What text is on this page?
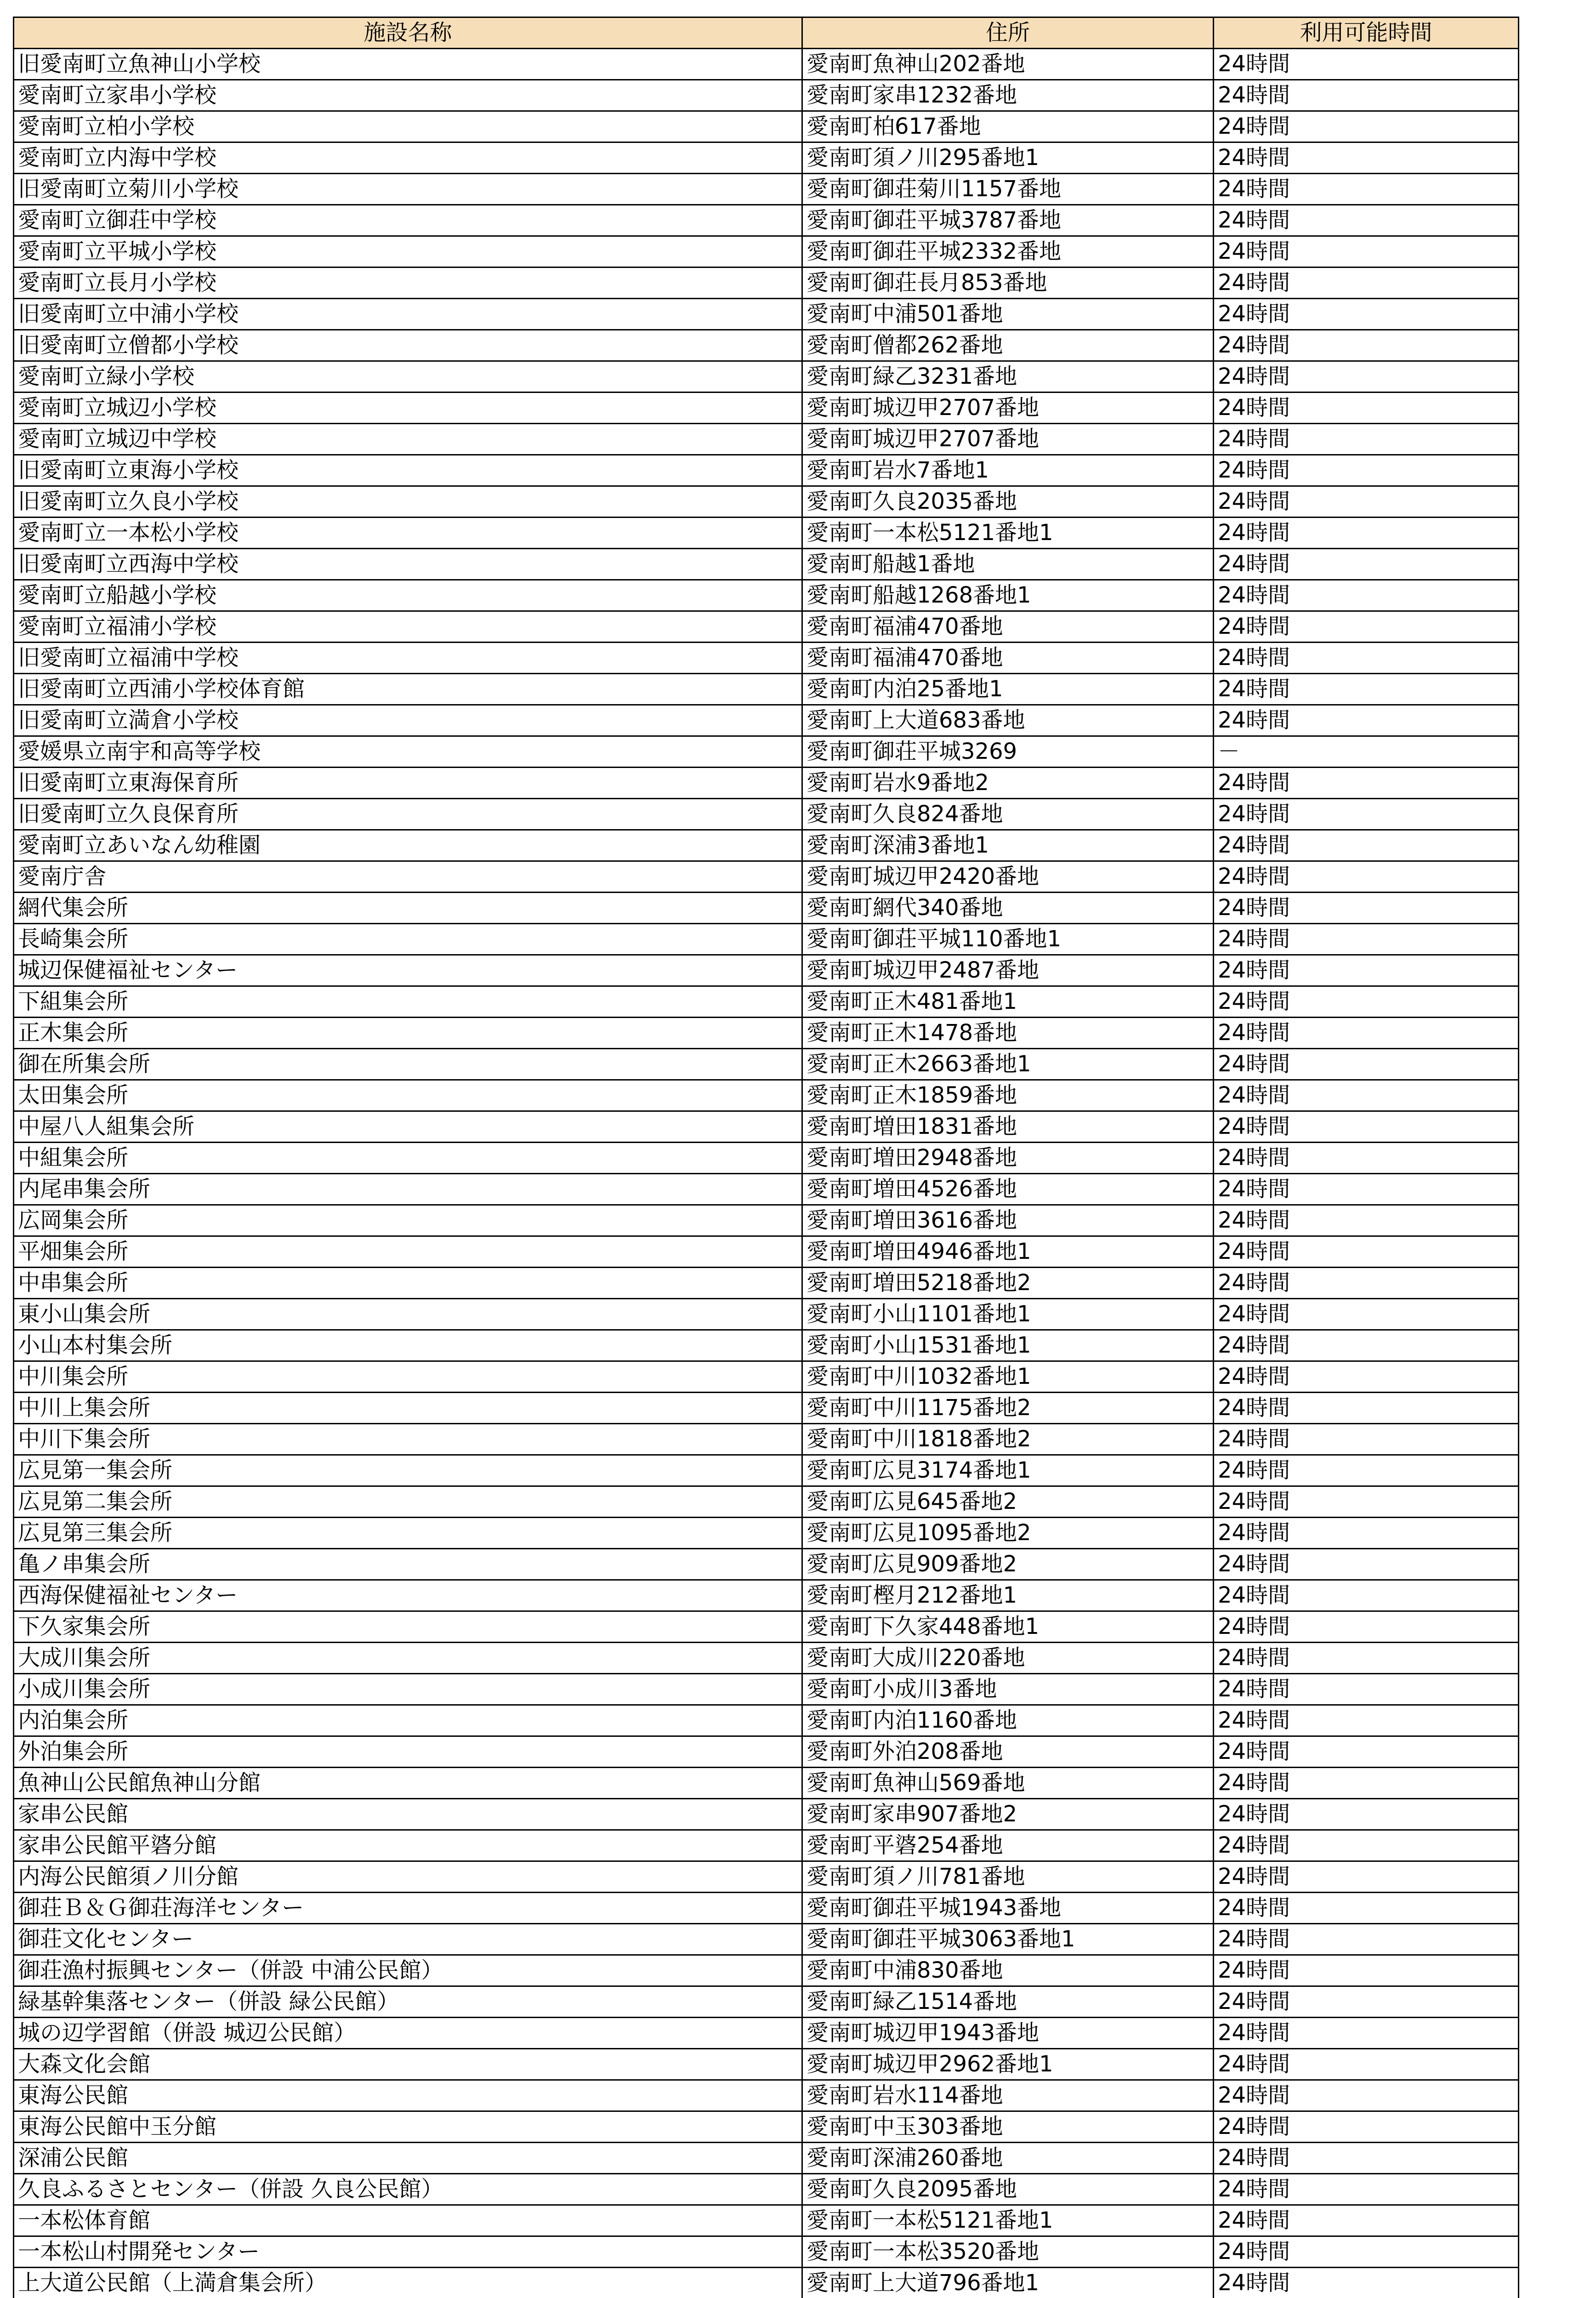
施設名称	住所	利用可能時間
旧愛南町立魚神山小学校	愛南町魚神山202番地	24時間
愛南町立家串小学校	愛南町家串1232番地	24時間
愛南町立柏小学校	愛南町柏617番地	24時間
愛南町立内海中学校	愛南町須ノ川295番地1	24時間
旧愛南町立菊川小学校	愛南町御荘菊川1157番地	24時間
愛南町立御荘中学校	愛南町御荘平城3787番地	24時間
愛南町立平城小学校	愛南町御荘平城2332番地	24時間
愛南町立長月小学校	愛南町御荘長月853番地	24時間
旧愛南町立中浦小学校	愛南町中浦501番地	24時間
旧愛南町立僧都小学校	愛南町僧都262番地	24時間
愛南町立緑小学校	愛南町緑乙3231番地	24時間
愛南町立城辺小学校	愛南町城辺甲2707番地	24時間
愛南町立城辺中学校	愛南町城辺甲2707番地	24時間
旧愛南町立東海小学校	愛南町岩水7番地1	24時間
旧愛南町立久良小学校	愛南町久良2035番地	24時間
愛南町立一本松小学校	愛南町一本松5121番地1	24時間
旧愛南町立西海中学校	愛南町船越1番地	24時間
愛南町立船越小学校	愛南町船越1268番地1	24時間
愛南町立福浦小学校	愛南町福浦470番地	24時間
旧愛南町立福浦中学校	愛南町福浦470番地	24時間
旧愛南町立西浦小学校体育館	愛南町内泊25番地1	24時間
旧愛南町立満倉小学校	愛南町上大道683番地	24時間
愛媛県立南宇和高等学校	愛南町御荘平城3269	－
旧愛南町立東海保育所	愛南町岩水9番地2	24時間
旧愛南町立久良保育所	愛南町久良824番地	24時間
愛南町立あいなん幼稚園	愛南町深浦3番地1	24時間
愛南庁舎	愛南町城辺甲2420番地	24時間
網代集会所	愛南町網代340番地	24時間
長崎集会所	愛南町御荘平城110番地1	24時間
城辺保健福祉センター	愛南町城辺甲2487番地	24時間
下組集会所	愛南町正木481番地1	24時間
正木集会所	愛南町正木1478番地	24時間
御在所集会所	愛南町正木2663番地1	24時間
太田集会所	愛南町正木1859番地	24時間
中屋八人組集会所	愛南町増田1831番地	24時間
中組集会所	愛南町増田2948番地	24時間
内尾串集会所	愛南町増田4526番地	24時間
広岡集会所	愛南町増田3616番地	24時間
平畑集会所	愛南町増田4946番地1	24時間
中串集会所	愛南町増田5218番地2	24時間
東小山集会所	愛南町小山1101番地1	24時間
小山本村集会所	愛南町小山1531番地1	24時間
中川集会所	愛南町中川1032番地1	24時間
中川上集会所	愛南町中川1175番地2	24時間
中川下集会所	愛南町中川1818番地2	24時間
広見第一集会所	愛南町広見3174番地1	24時間
広見第二集会所	愛南町広見645番地2	24時間
広見第三集会所	愛南町広見1095番地2	24時間
亀ノ串集会所	愛南町広見909番地2	24時間
西海保健福祉センター	愛南町樫月212番地1	24時間
下久家集会所	愛南町下久家448番地1	24時間
大成川集会所	愛南町大成川220番地	24時間
小成川集会所	愛南町小成川3番地	24時間
内泊集会所	愛南町内泊1160番地	24時間
外泊集会所	愛南町外泊208番地	24時間
魚神山公民館魚神山分館	愛南町魚神山569番地	24時間
家串公民館	愛南町家串907番地2	24時間
家串公民館平碆分館	愛南町平碆254番地	24時間
内海公民館須ノ川分館	愛南町須ノ川781番地	24時間
御荘Ｂ＆Ｇ御荘海洋センター	愛南町御荘平城1943番地	24時間
御荘文化センター	愛南町御荘平城3063番地1	24時間
御荘漁村振興センター（併設 中浦公民館）	愛南町中浦830番地	24時間
緑基幹集落センター（併設 緑公民館）	愛南町緑乙1514番地	24時間
城の辺学習館（併設 城辺公民館）	愛南町城辺甲1943番地	24時間
大森文化会館	愛南町城辺甲2962番地1	24時間
東海公民館	愛南町岩水114番地	24時間
東海公民館中玉分館	愛南町中玉303番地	24時間
深浦公民館	愛南町深浦260番地	24時間
久良ふるさとセンター（併設 久良公民館）	愛南町久良2095番地	24時間
一本松体育館	愛南町一本松5121番地1	24時間
一本松山村開発センター	愛南町一本松3520番地	24時間
上大道公民館（上満倉集会所）	愛南町上大道796番地1	24時間
